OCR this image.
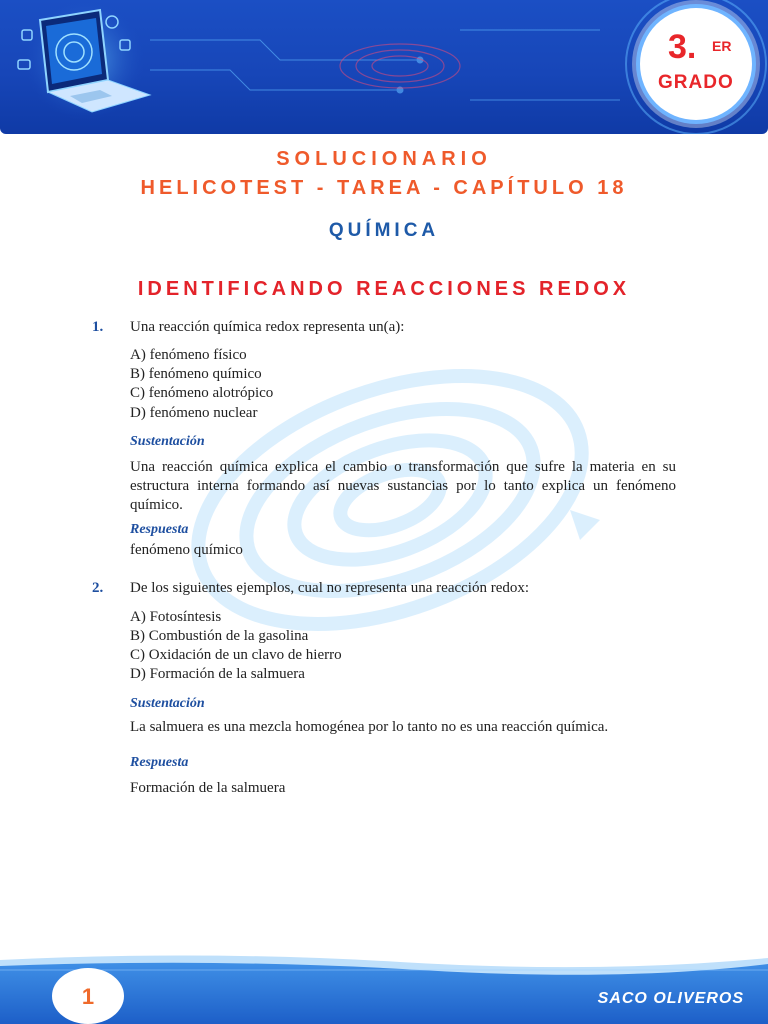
3. ER
GRADO
SOLUCIONARIO
HELICOTEST - TAREA - CAPÍTULO 18
QUÍMICA
IDENTIFICANDO REACCIONES REDOX
1. Una reacción química redox representa un(a):
A) fenómeno físico
B) fenómeno químico
C) fenómeno alotrópico
D) fenómeno nuclear
Sustentación
Una reacción química explica el cambio o transformación que sufre la materia en su estructura interna formando así nuevas sustancias por lo tanto explica un fenómeno químico.
Respuesta
fenómeno químico
2. De los siguientes ejemplos, cual no representa una reacción redox:
A) Fotosíntesis
B) Combustión de la gasolina
C) Oxidación de un clavo de hierro
D) Formación de la salmuera
Sustentación
La salmuera es una mezcla homogénea por lo tanto no es una reacción química.
Respuesta
Formación de la salmuera
1	SACO OLIVEROS
